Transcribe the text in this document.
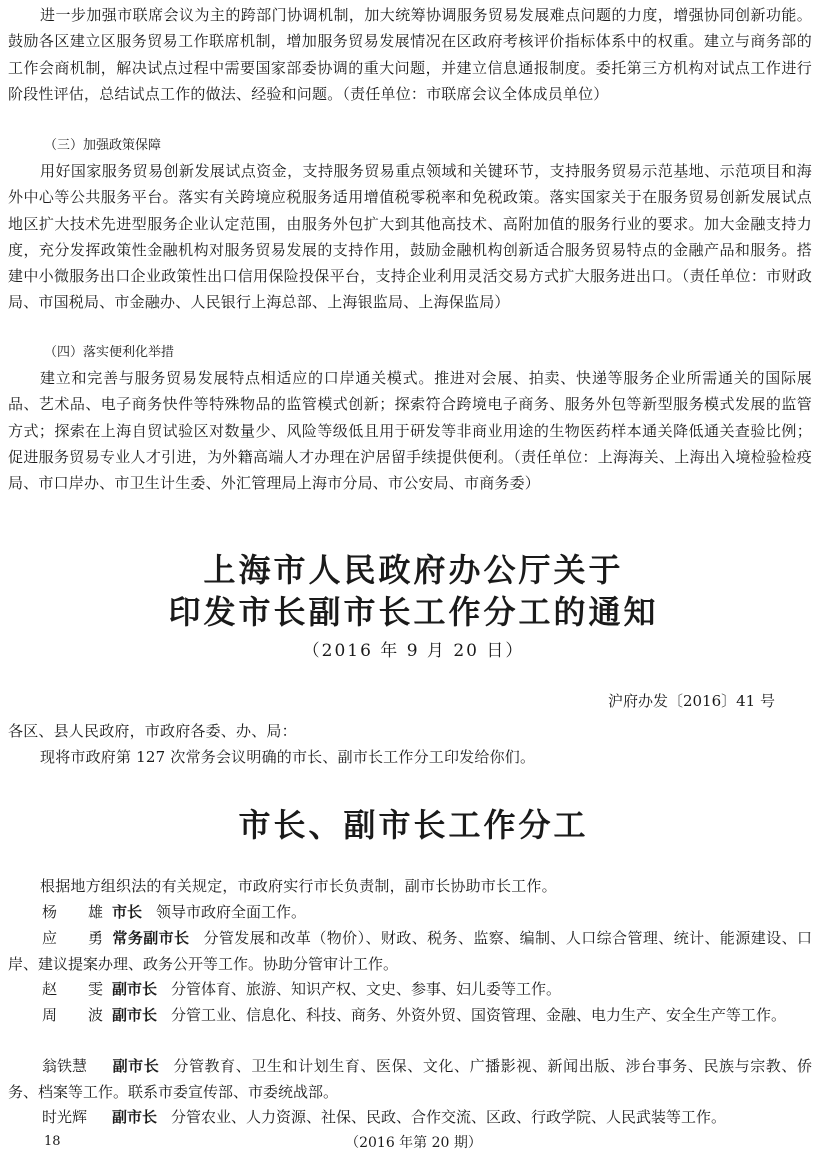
进一步加强市联席会议为主的跨部门协调机制，加大统筹协调服务贸易发展难点问题的力度，增强协同创新功能。鼓励各区建立区服务贸易工作联席机制，增加服务贸易发展情况在区政府考核评价指标体系中的权重。建立与商务部的工作会商机制，解决试点过程中需要国家部委协调的重大问题，并建立信息通报制度。委托第三方机构对试点工作进行阶段性评估，总结试点工作的做法、经验和问题。（责任单位：市联席会议全体成员单位）

（三）加强政策保障

用好国家服务贸易创新发展试点资金，支持服务贸易重点领域和关键环节，支持服务贸易示范基地、示范项目和海外中心等公共服务平台。落实有关跨境应税服务适用增值税零税率和免税政策。落实国家关于在服务贸易创新发展试点地区扩大技术先进型服务企业认定范围，由服务外包扩大到其他高技术、高附加值的服务行业的要求。加大金融支持力度，充分发挥政策性金融机构对服务贸易发展的支持作用，鼓励金融机构创新适合服务贸易特点的金融产品和服务。搭建中小微服务出口企业政策性出口信用保险投保平台，支持企业利用灵活交易方式扩大服务进出口。（责任单位：市财政局、市国税局、市金融办、人民银行上海总部、上海银监局、上海保监局）

（四）落实便利化举措

建立和完善与服务贸易发展特点相适应的口岸通关模式。推进对会展、拍卖、快递等服务企业所需通关的国际展品、艺术品、电子商务快件等特殊物品的监管模式创新；探索符合跨境电子商务、服务外包等新型服务模式发展的监管方式；探索在上海自贸试验区对数量少、风险等级低且用于研发等非商业用途的生物医药样本通关降低通关查验比例；促进服务贸易专业人才引进，为外籍高端人才办理在沪居留手续提供便利。（责任单位：上海海关、上海出入境检验检疫局、市口岸办、市卫生计生委、外汇管理局上海市分局、市公安局、市商务委）

上海市人民政府办公厅关于

印发市长副市长工作分工的通知

（2016 年 9 月 20 日）

沪府办发〔2016〕41 号

各区、县人民政府，市政府各委、办、局：

现将市政府第 127 次常务会议明确的市长、副市长工作分工印发给你们。

市长、副市长工作分工

根据地方组织法的有关规定，市政府实行市长负责制，副市长协助市长工作。

杨　雄市长 领导市政府全面工作。

应　勇常务副市长 分管发展和改革（物价）、财政、税务、监察、编制、人口综合管理、统计、能源建设、口岸、建议提案办理、政务公开等工作。协助分管审计工作。

赵　雯副市长 分管体育、旅游、知识产权、文史、参事、妇儿委等工作。

周　波副市长 分管工业、信息化、科技、商务、外资外贸、国资管理、金融、电力生产、安全生产等工作。

翁铁慧 副市长 分管教育、卫生和计划生育、医保、文化、广播影视、新闻出版、涉台事务、民族与宗教、侨务、档案等工作。联系市委宣传部、市委统战部。

时光辉 副市长 分管农业、人力资源、社保、民政、合作交流、区政、行政学院、人民武装等工作。

18	（2016 年第 20 期）
